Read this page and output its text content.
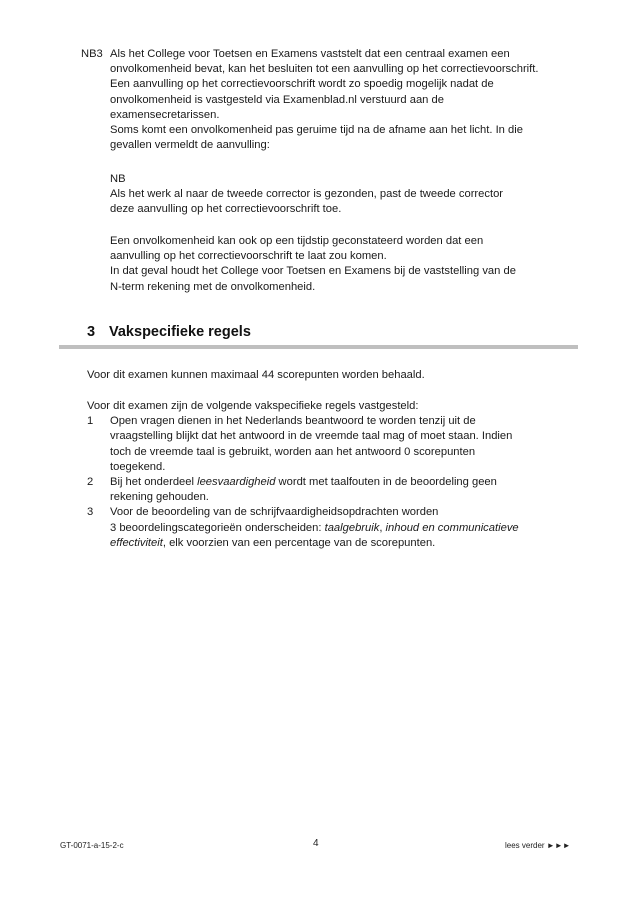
NB3 Als het College voor Toetsen en Examens vaststelt dat een centraal examen een

onvolkomenheid bevat, kan het besluiten tot een aanvulling op het correctievoorschrift.

Een aanvulling op het correctievoorschrift wordt zo spoedig mogelijk nadat de

onvolkomenheid is vastgesteld via Examenblad.nl verstuurd aan de

examensecretarissen.

Soms komt een onvolkomenheid pas geruime tijd na de afname aan het licht. In die

gevallen vermeldt de aanvulling:

NB

Als het werk al naar de tweede corrector is gezonden, past de tweede corrector

deze aanvulling op het correctievoorschrift toe.

Een onvolkomenheid kan ook op een tijdstip geconstateerd worden dat een

aanvulling op het correctievoorschrift te laat zou komen.

In dat geval houdt het College voor Toetsen en Examens bij de vaststelling van de

N-term rekening met de onvolkomenheid.

3 Vakspecifieke regels
Voor dit examen kunnen maximaal 44 scorepunten worden behaald.

Voor dit examen zijn de volgende vakspecifieke regels vastgesteld:

1 Open vragen dienen in het Nederlands beantwoord te worden tenzij uit de
vraagstelling blijkt dat het antwoord in de vreemde taal mag of moet staan. Indien
toch de vreemde taal is gebruikt, worden aan het antwoord 0 scorepunten
toegekend.
2 Bij het onderdeel leesvaardigheid wordt met taalfouten in de beoordeling geen
rekening gehouden.
3 Voor de beoordeling van de schrijfvaardigheidsopdrachten worden
3 beoordelingscategorieën onderscheiden: taalgebruik, inhoud en communicatieve
effectiviteit, elk voorzien van een percentage van de scorepunten.
GT-0071-a-15-2-c	4	lees verder ►►►
